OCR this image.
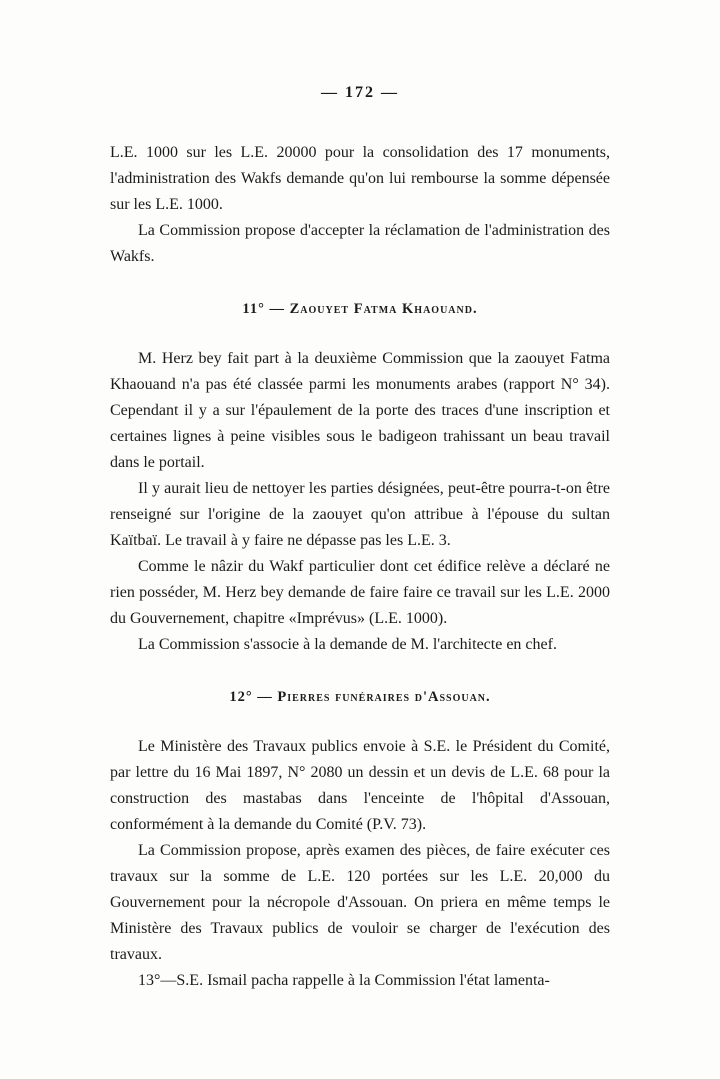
— 172 —

L.E. 1000 sur les L.E. 20000 pour la consolidation des 17 monuments, l'administration des Wakfs demande qu'on lui rembourse la somme dépensée sur les L.E. 1000.

La Commission propose d'accepter la réclamation de l'administration des Wakfs.

11° — Zaouyet Fatma Khaouand.

M. Herz bey fait part à la deuxième Commission que la zaouyet Fatma Khaouand n'a pas été classée parmi les monuments arabes (rapport N° 34). Cependant il y a sur l'épaulement de la porte des traces d'une inscription et certaines lignes à peine visibles sous le badigeon trahissant un beau travail dans le portail.

Il y aurait lieu de nettoyer les parties désignées, peut-être pourra-t-on être renseigné sur l'origine de la zaouyet qu'on attribue à l'épouse du sultan Kaïtbaï. Le travail à y faire ne dépasse pas les L.E. 3.

Comme le nâzir du Wakf particulier dont cet édifice relève a déclaré ne rien posséder, M. Herz bey demande de faire faire ce travail sur les L.E. 2000 du Gouvernement, chapitre «Imprévus» (L.E. 1000).

La Commission s'associe à la demande de M. l'architecte en chef.

12° — Pierres funéraires d'Assouan.

Le Ministère des Travaux publics envoie à S.E. le Président du Comité, par lettre du 16 Mai 1897, N° 2080 un dessin et un devis de L.E. 68 pour la construction des mastabas dans l'enceinte de l'hôpital d'Assouan, conformément à la demande du Comité (P.V. 73).

La Commission propose, après examen des pièces, de faire exécuter ces travaux sur la somme de L.E. 120 portées sur les L.E. 20,000 du Gouvernement pour la nécropole d'Assouan. On priera en même temps le Ministère des Travaux publics de vouloir se charger de l'exécution des travaux.

13°—S.E. Ismail pacha rappelle à la Commission l'état lamenta-
